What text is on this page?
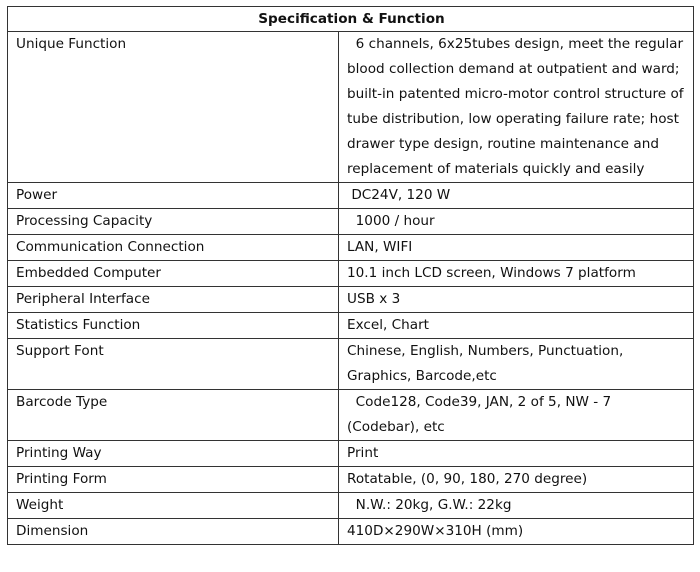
Specification & Function	
Unique Function	6 channels, 6x25tubes design, meet the regular blood collection demand at outpatient and ward; built-in patented micro-motor control structure of tube distribution, low operating failure rate; host drawer type design, routine maintenance and replacement of materials quickly and easily
Power	DC24V, 120 W
Processing Capacity	1000 / hour
Communication Connection	LAN, WIFI
Embedded Computer	10.1 inch LCD screen, Windows 7 platform
Peripheral Interface	USB x 3
Statistics Function	Excel, Chart
Support Font	Chinese, English, Numbers, Punctuation, Graphics, Barcode,etc
Barcode Type	Code128, Code39, JAN, 2 of 5, NW - 7 (Codebar), etc
Printing Way	Print
Printing Form	Rotatable, (0, 90, 180, 270 degree)
Weight	N.W.: 20kg, G.W.: 22kg
Dimension	410D×290W×310H (mm)
